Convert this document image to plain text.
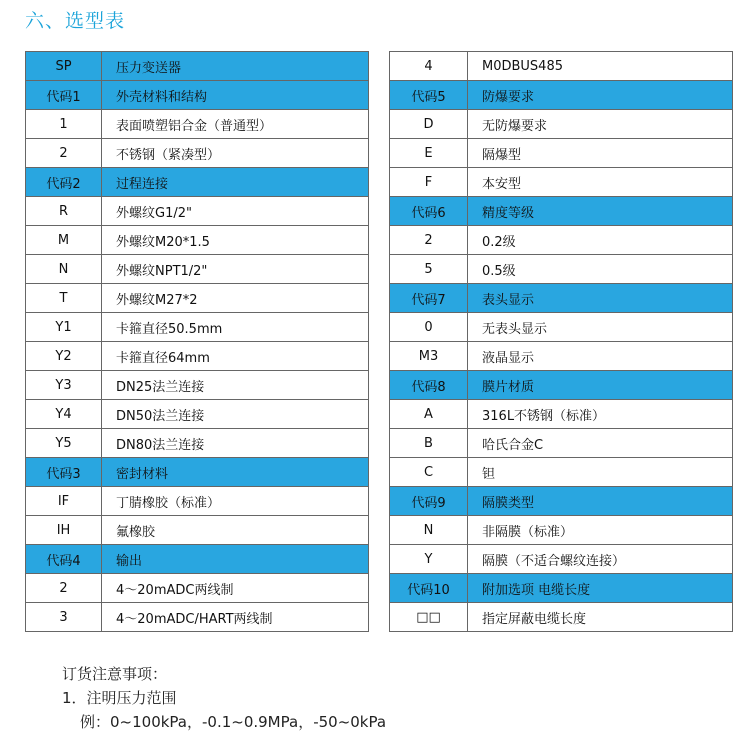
六、选型表
SP	压力变送器
代码1	外壳材料和结构
1	表面喷塑铝合金（普通型）
2	不锈钢（紧凑型）
代码2	过程连接
R	外螺纹G1/2"
M	外螺纹M20*1.5
N	外螺纹NPT1/2"
T	外螺纹M27*2
Y1	卡箍直径50.5mm
Y2	卡箍直径64mm
Y3	DN25法兰连接
Y4	DN50法兰连接
Y5	DN80法兰连接
代码3	密封材料
IF	丁腈橡胶（标准）
IH	氟橡胶
代码4	输出
2	4～20mADC两线制
3	4～20mADC/HART两线制
4	M0DBUS485
代码5	防爆要求
D	无防爆要求
E	隔爆型
F	本安型
代码6	精度等级
2	0.2级
5	0.5级
代码7	表头显示
0	无表头显示
M3	液晶显示
代码8	膜片材质
A	316L不锈钢（标准）
B	哈氏合金C
C	钽
代码9	隔膜类型
N	非隔膜（标准）
Y	隔膜（不适合螺纹连接）
代码10	附加选项 电缆长度
□□	指定屏蔽电缆长度
订货注意事项：
1．注明压力范围
例：0~100kPa，-0.1~0.9MPa，-50~0kPa
